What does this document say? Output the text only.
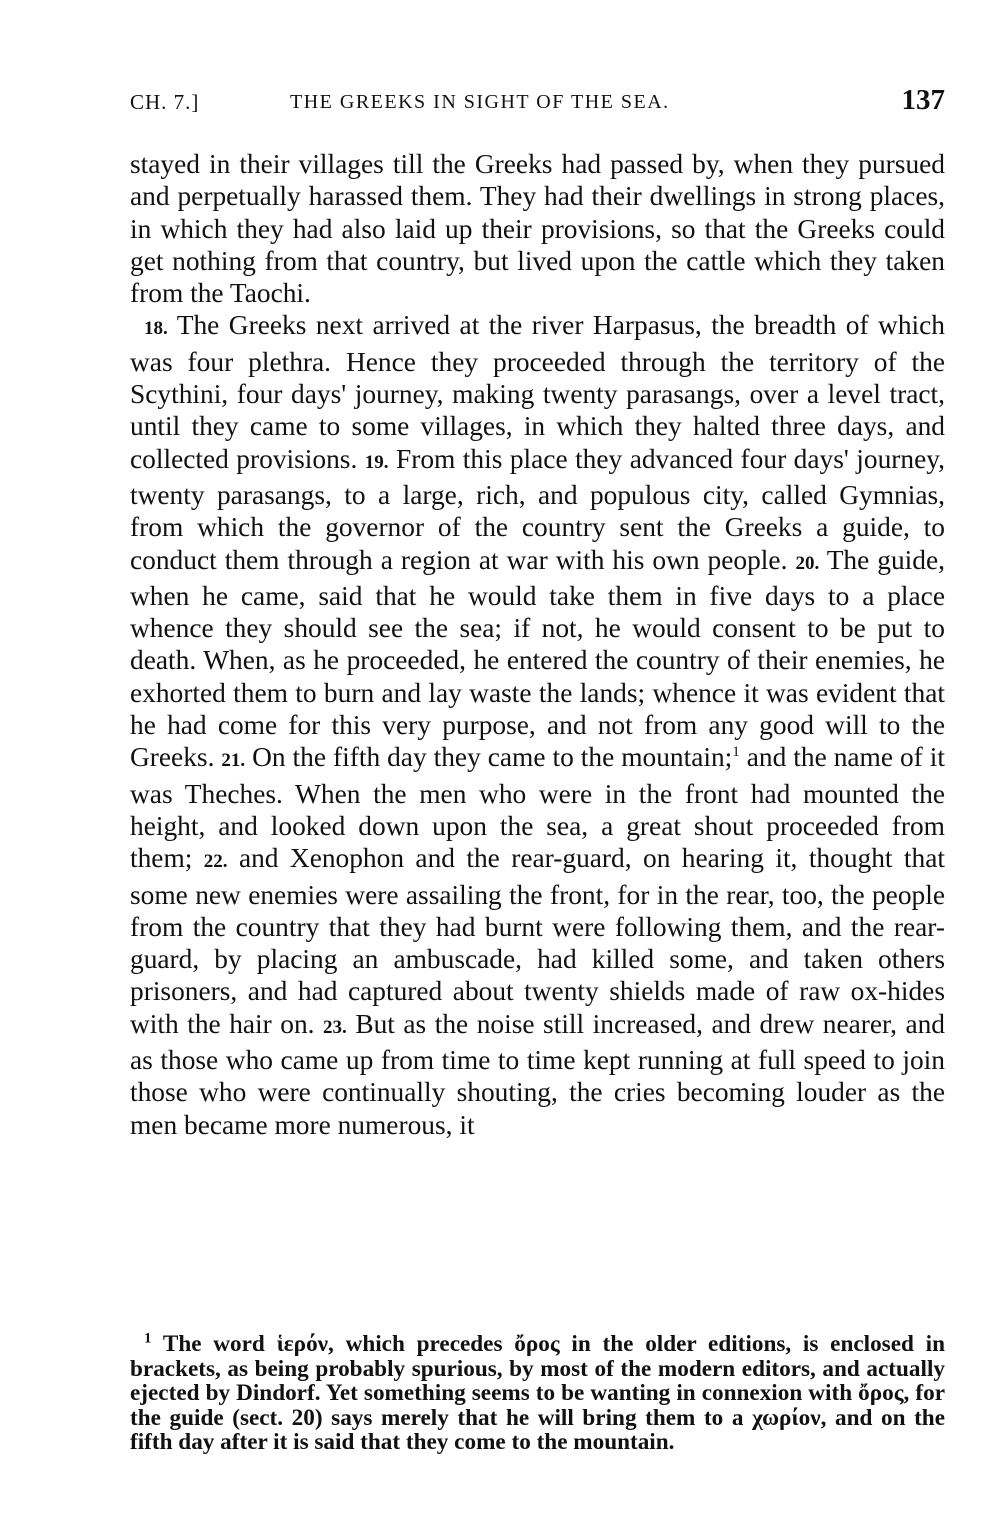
CH. 7.]	THE GREEKS IN SIGHT OF THE SEA.	137

stayed in their villages till the Greeks had passed by, when they pursued and perpetually harassed them. They had their dwellings in strong places, in which they had also laid up their provisions, so that the Greeks could get nothing from that country, but lived upon the cattle which they taken from the Taochi.

18. The Greeks next arrived at the river Harpasus, the breadth of which was four plethra. Hence they proceeded through the territory of the Scythini, four days' journey, making twenty parasangs, over a level tract, until they came to some villages, in which they halted three days, and collected provisions. 19. From this place they advanced four days' journey, twenty parasangs, to a large, rich, and populous city, called Gymnias, from which the governor of the country sent the Greeks a guide, to conduct them through a region at war with his own people. 20. The guide, when he came, said that he would take them in five days to a place whence they should see the sea; if not, he would consent to be put to death. When, as he proceeded, he entered the country of their enemies, he exhorted them to burn and lay waste the lands; whence it was evident that he had come for this very purpose, and not from any good will to the Greeks. 21. On the fifth day they came to the mountain;$^1$ and the name of it was Theches. When the men who were in the front had mounted the height, and looked down upon the sea, a great shout proceeded from them; 22. and Xenophon and the rear-guard, on hearing it, thought that some new enemies were assailing the front, for in the rear, too, the people from the country that they had burnt were following them, and the rear-guard, by placing an ambuscade, had killed some, and taken others prisoners, and had captured about twenty shields made of raw ox-hides with the hair on. 23. But as the noise still increased, and drew nearer, and as those who came up from time to time kept running at full speed to join those who were continually shouting, the cries becoming louder as the men became more numerous, it

$^1$ The word ἱερόν, which precedes ὄρος in the older editions, is enclosed in brackets, as being probably spurious, by most of the modern editors, and actually ejected by Dindorf. Yet something seems to be wanting in connexion with ὄρος, for the guide (sect. 20) says merely that he will bring them to a χωρίον, and on the fifth day after it is said that they come to the mountain.
